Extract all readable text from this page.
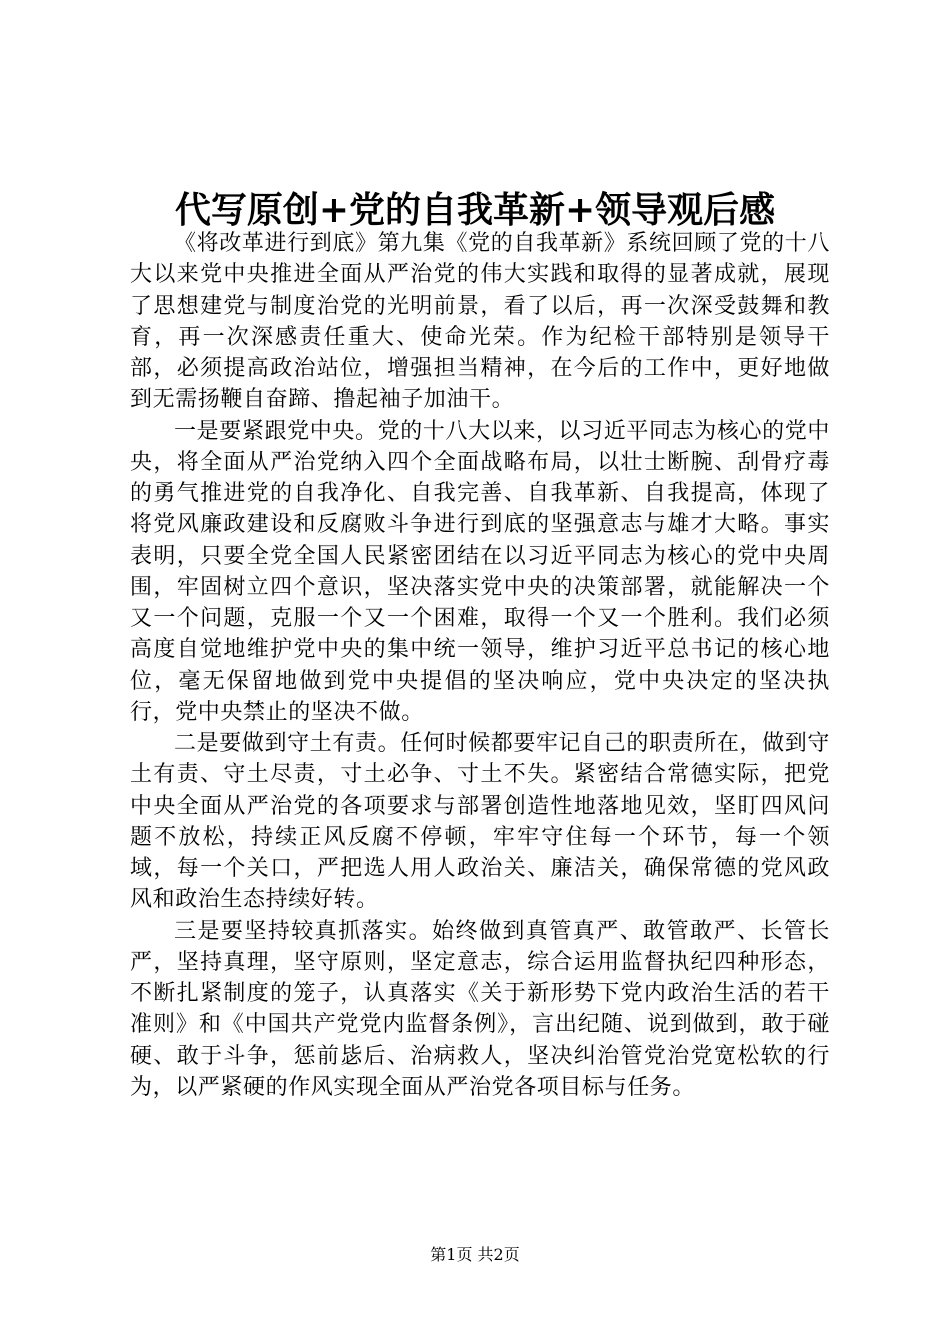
代写原创+党的自我革新+领导观后感

《将改革进行到底》第九集《党的自我革新》系统回顾了党的十八大以来党中央推进全面从严治党的伟大实践和取得的显著成就，展现了思想建党与制度治党的光明前景，看了以后，再一次深受鼓舞和教育，再一次深感责任重大、使命光荣。作为纪检干部特别是领导干部，必须提高政治站位，增强担当精神，在今后的工作中，更好地做到无需扬鞭自奋蹄、撸起袖子加油干。

一是要紧跟党中央。党的十八大以来，以习近平同志为核心的党中央，将全面从严治党纳入四个全面战略布局，以壮士断腕、刮骨疗毒的勇气推进党的自我净化、自我完善、自我革新、自我提高，体现了将党风廉政建设和反腐败斗争进行到底的坚强意志与雄才大略。事实表明，只要全党全国人民紧密团结在以习近平同志为核心的党中央周围，牢固树立四个意识，坚决落实党中央的决策部署，就能解决一个又一个问题，克服一个又一个困难，取得一个又一个胜利。我们必须高度自觉地维护党中央的集中统一领导，维护习近平总书记的核心地位，毫无保留地做到党中央提倡的坚决响应，党中央决定的坚决执行，党中央禁止的坚决不做。

二是要做到守土有责。任何时候都要牢记自己的职责所在，做到守土有责、守土尽责，寸土必争、寸土不失。紧密结合常德实际，把党中央全面从严治党的各项要求与部署创造性地落地见效，坚盯四风问题不放松，持续正风反腐不停顿，牢牢守住每一个环节，每一个领域，每一个关口，严把选人用人政治关、廉洁关，确保常德的党风政风和政治生态持续好转。

三是要坚持较真抓落实。始终做到真管真严、敢管敢严、长管长严，坚持真理，坚守原则，坚定意志，综合运用监督执纪四种形态，不断扎紧制度的笼子，认真落实《关于新形势下党内政治生活的若干准则》和《中国共产党党内监督条例》，言出纪随、说到做到，敢于碰硬、敢于斗争，惩前毖后、治病救人，坚决纠治管党治党宽松软的行为，以严紧硬的作风实现全面从严治党各项目标与任务。

第1页 共2页
